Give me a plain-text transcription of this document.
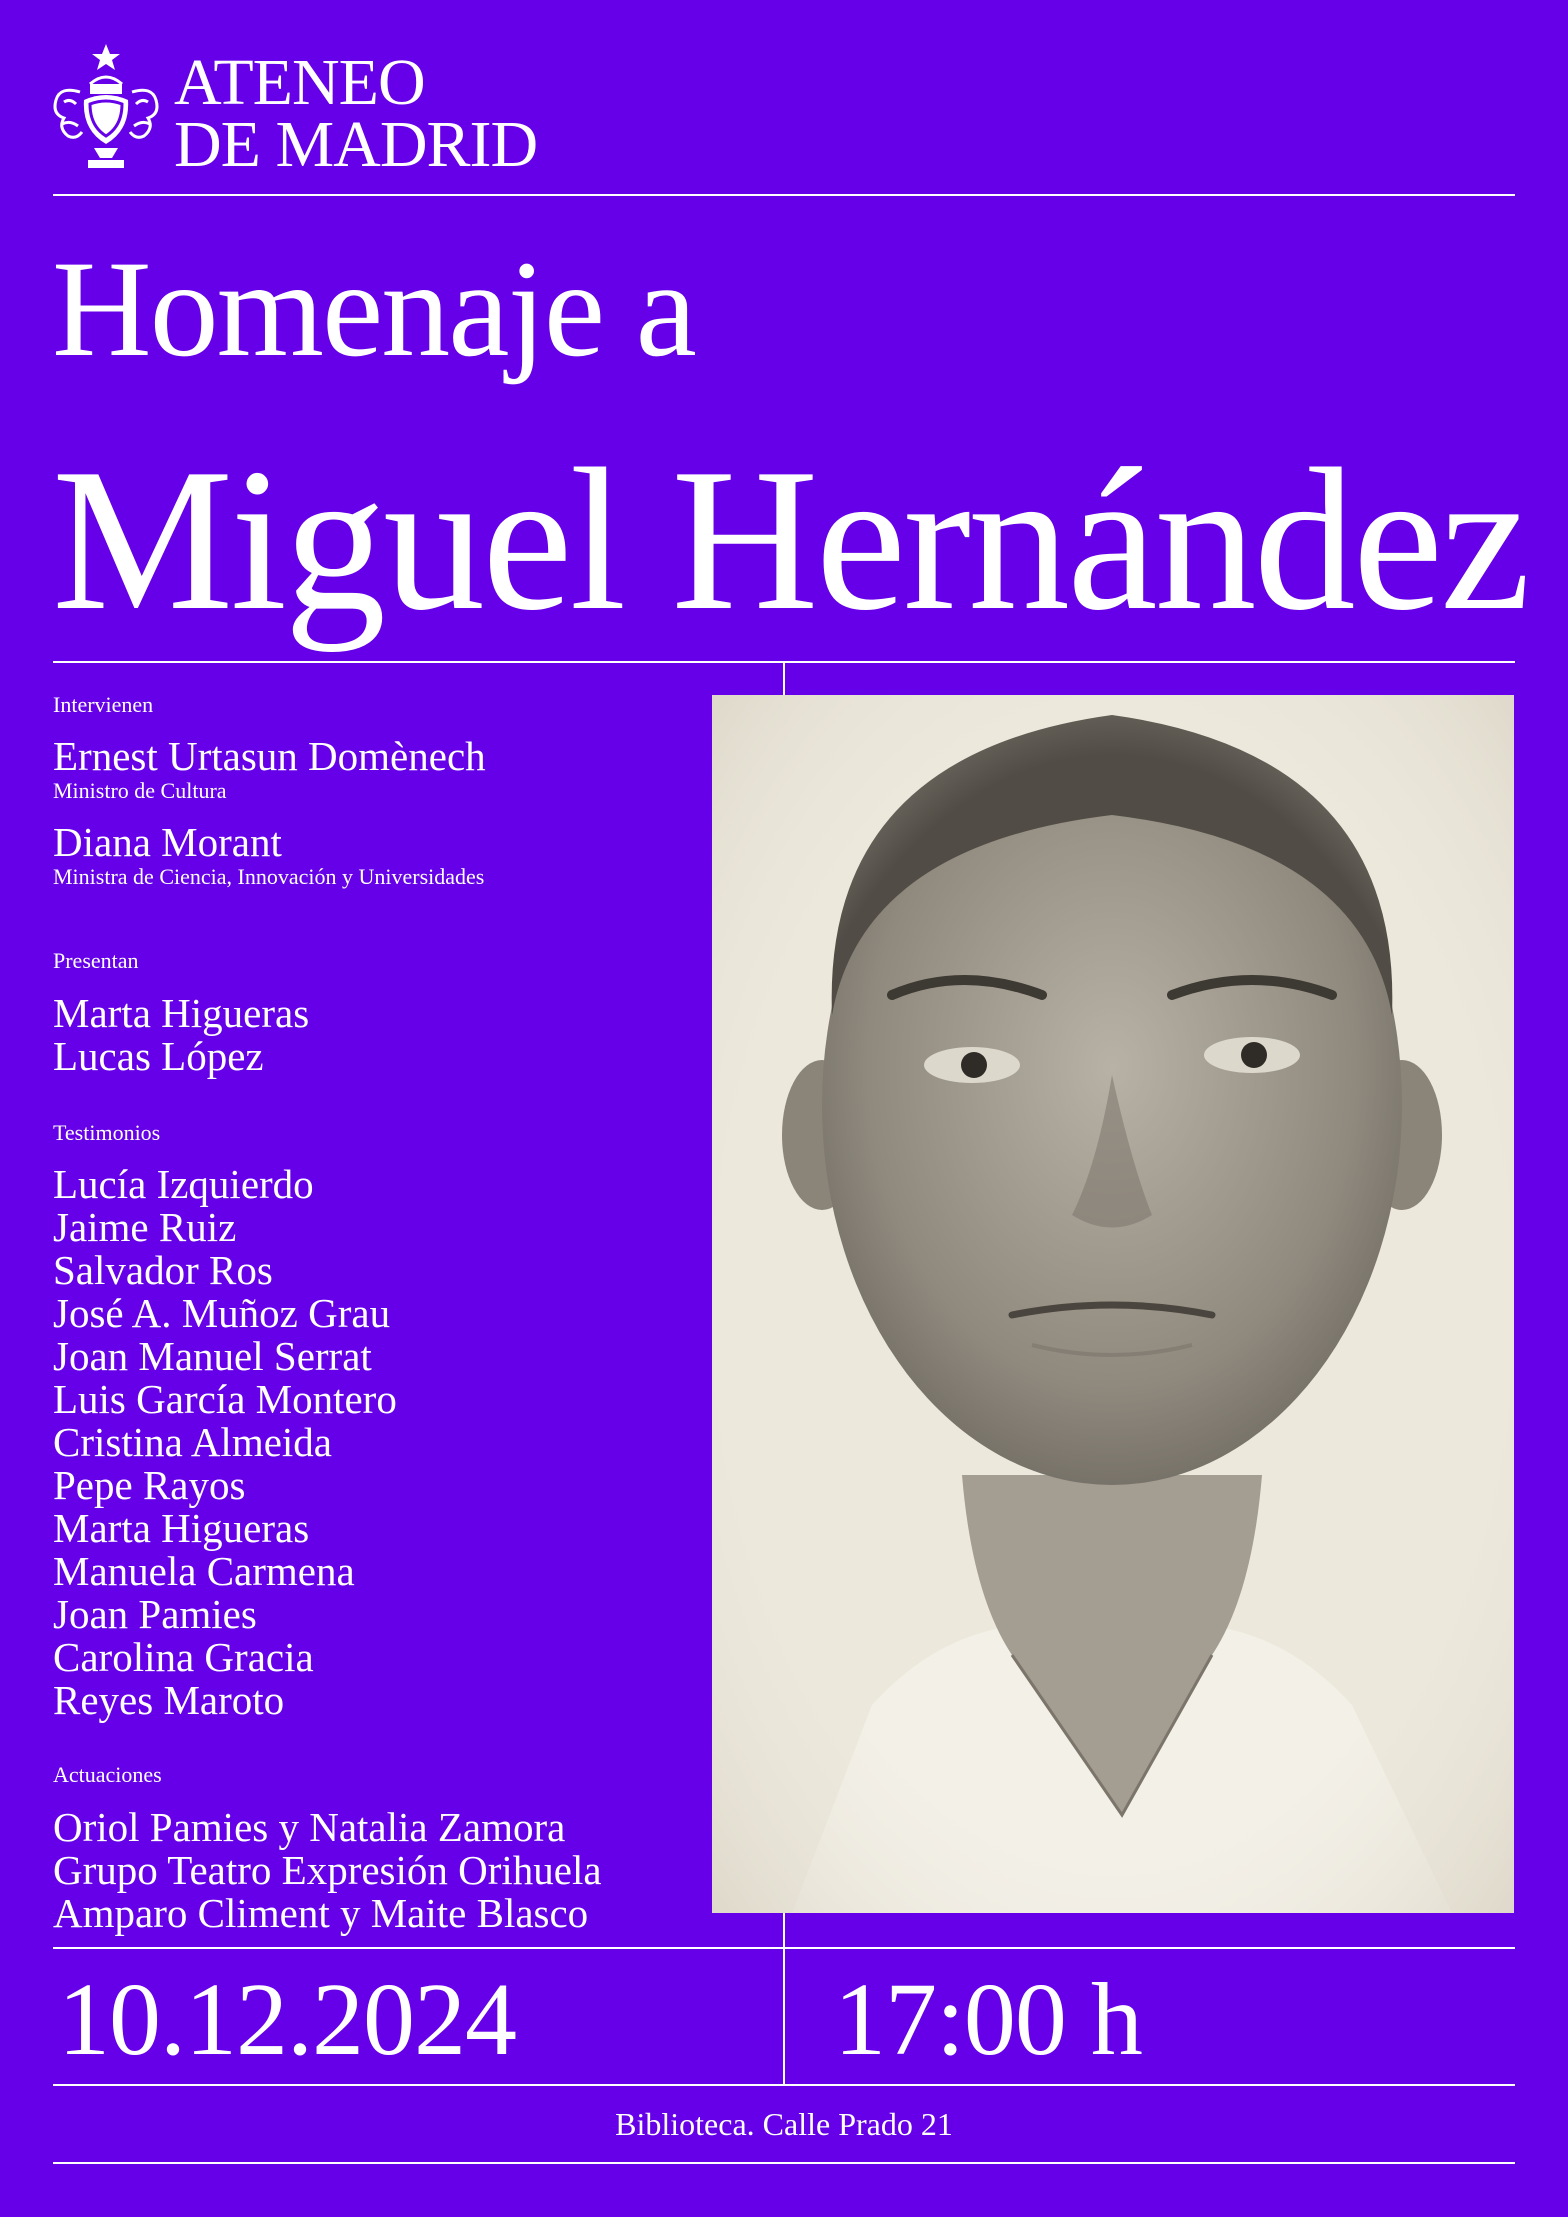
ATENEO
DE MADRID
Homenaje a
Miguel Hernández
Intervienen
Ernest Urtasun Domènech
Ministro de Cultura
Diana Morant
Ministra de Ciencia, Innovación y Universidades
Presentan
Marta Higueras
Lucas López
Testimonios
Lucía Izquierdo
Jaime Ruiz
Salvador Ros
José A. Muñoz Grau
Joan Manuel Serrat
Luis García Montero
Cristina Almeida
Pepe Rayos
Marta Higueras
Manuela Carmena
Joan Pamies
Carolina Gracia
Reyes Maroto
Actuaciones
Oriol Pamies y Natalia Zamora
Grupo Teatro Expresión Orihuela
Amparo Climent y Maite Blasco
10.12.2024	17:00 h
Biblioteca. Calle Prado 21
